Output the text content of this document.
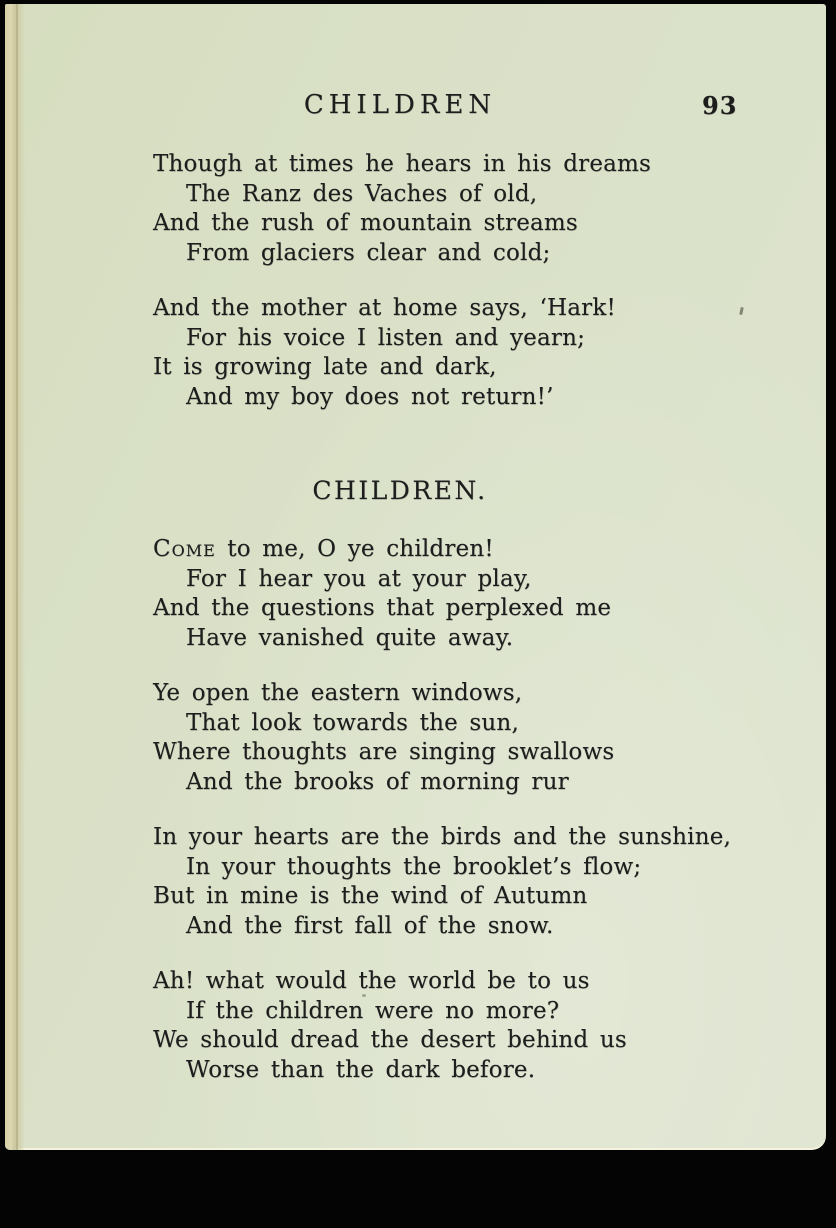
CHILDREN	93

Though at times he hears in his dreams

The Ranz des Vaches of old,

And the rush of mountain streams

From glaciers clear and cold;

And the mother at home says, ‘Hark!

For his voice I listen and yearn;

It is growing late and dark,

And my boy does not return!’

CHILDREN.

Come to me, O ye children!

For I hear you at your play,

And the questions that perplexed me

Have vanished quite away.

Ye open the eastern windows,

That look towards the sun,

Where thoughts are singing swallows

And the brooks of morning rur

In your hearts are the birds and the sunshine,

In your thoughts the brooklet’s flow;

But in mine is the wind of Autumn

And the first fall of the snow.

Ah! what would the world be to us

If the children were no more?

We should dread the desert behind us

Worse than the dark before.
